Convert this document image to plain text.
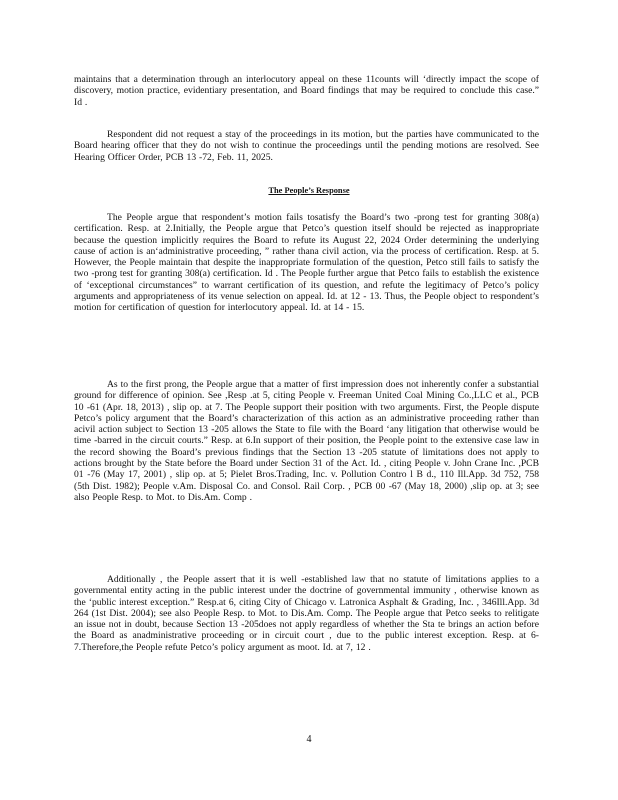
maintains that a determination through an interlocutory appeal on these 11counts will ‘directly impact the scope of discovery, motion practice, evidentiary presentation, and Board findings that may be required to conclude this case.” Id .

Respondent did not request a stay of the proceedings in its motion, but the parties have communicated to the Board hearing officer that they do not wish to continue the proceedings until the pending motions are resolved. See Hearing Officer Order, PCB 13 -72, Feb. 11, 2025.

The People’s Response

The People argue that respondent’s motion fails tosatisfy the Board’s two -prong test for granting 308(a) certification. Resp. at 2.Initially, the People argue that Petco’s question itself should be rejected as inappropriate because the question implicitly requires the Board to refute its August 22, 2024 Order determining the underlying cause of action is an‘administrative proceeding, ” rather thana civil action, via the process of certification. Resp. at 5. However, the People maintain that despite the inappropriate formulation of the question, Petco still fails to satisfy the two -prong test for granting 308(a) certification. Id . The People further argue that Petco fails to establish the existence of ‘exceptional circumstances” to warrant certification of its question, and refute the legitimacy of Petco’s policy arguments and appropriateness of its venue selection on appeal. Id. at 12 - 13. Thus, the People object to respondent’s motion for certification of question for interlocutory appeal. Id. at 14 - 15.

As to the first prong, the People argue that a matter of first impression does not inherently confer a substantial ground for difference of opinion. See ,Resp .at 5, citing People v. Freeman United Coal Mining Co.,LLC et al., PCB 10 -61 (Apr. 18, 2013) , slip op. at 7. The People support their position with two arguments. First, the People dispute Petco’s policy argument that the Board’s characterization of this action as an administrative proceeding rather than acivil action subject to Section 13 -205 allows the State to file with the Board ‘any litigation that otherwise would be time -barred in the circuit courts.” Resp. at 6.In support of their position, the People point to the extensive case law in the record showing the Board’s previous findings that the Section 13 -205 statute of limitations does not apply to actions brought by the State before the Board under Section 31 of the Act. Id. , citing People v. John Crane Inc. ,PCB 01 -76 (May 17, 2001) , slip op. at 5; Pielet Bros.Trading, Inc. v. Pollution Contro l B d., 110 Ill.App. 3d 752, 758 (5th Dist. 1982); People v.Am. Disposal Co. and Consol. Rail Corp. , PCB 00 -67 (May 18, 2000) ,slip op. at 3; see also People Resp. to Mot. to Dis.Am. Comp .

Additionally , the People assert that it is well -established law that no statute of limitations applies to a governmental entity acting in the public interest under the doctrine of governmental immunity , otherwise known as the ‘public interest exception.” Resp.at 6, citing City of Chicago v. Latronica Asphalt & Grading, Inc. , 346Ill.App. 3d 264 (1st Dist. 2004); see also People Resp. to Mot. to Dis.Am. Comp. The People argue that Petco seeks to relitigate an issue not in doubt, because Section 13 -205does not apply regardless of whether the Sta te brings an action before the Board as anadministrative proceeding or in circuit court , due to the public interest exception. Resp. at 6- 7.Therefore,the People refute Petco’s policy argument as moot. Id. at 7, 12 .

4
